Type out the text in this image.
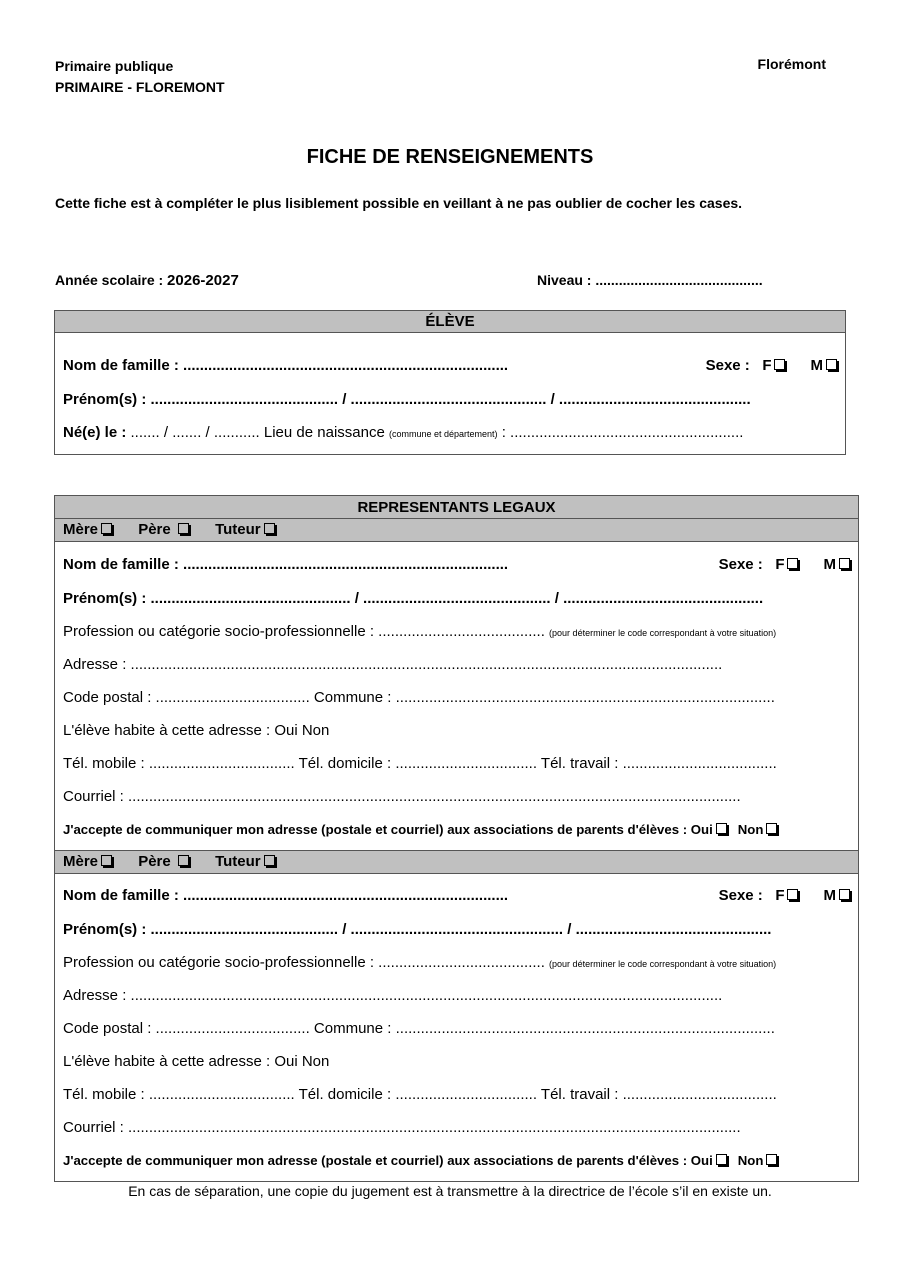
Primaire publique
PRIMAIRE - FLOREMONT
Florémont
FICHE DE RENSEIGNEMENTS
Cette fiche est à compléter le plus lisiblement possible en veillant à ne pas oublier de cocher les cases.
Année scolaire : 2026-2027	Niveau : ...........................................
ÉLÈVE
Nom de famille : ..............................................................................	Sexe : F	M
Prénom(s) : ............................................. / ............................................... / ..............................................
Né(e) le : ....... / ....... / ........... Lieu de naissance (commune et département) : ........................................................
REPRESENTANTS LEGAUX
Mère	Père	Tuteur
Nom de famille : ..............................................................................	Sexe : F	M
Prénom(s) : ................................................ / ............................................. / ................................................
Profession ou catégorie socio-professionnelle : ........................................ (pour déterminer le code correspondant à votre situation)
Adresse : ..............................................................................................................................................
Code postal : ..................................... Commune : ...........................................................................................
L'élève habite à cette adresse : Oui Non
Tél. mobile : ................................... Tél. domicile : .................................. Tél. travail : .....................................
Courriel : ...................................................................................................................................................
J'accepte de communiquer mon adresse (postale et courriel) aux associations de parents d'élèves : Oui Non
Mère	Père	Tuteur
Nom de famille : ..............................................................................	Sexe : F	M
Prénom(s) : ............................................. / ................................................... / ...............................................
Profession ou catégorie socio-professionnelle : ........................................ (pour déterminer le code correspondant à votre situation)
Adresse : ..............................................................................................................................................
Code postal : ..................................... Commune : ...........................................................................................
L'élève habite à cette adresse : Oui Non
Tél. mobile : ................................... Tél. domicile : .................................. Tél. travail : .....................................
Courriel : ...................................................................................................................................................
J'accepte de communiquer mon adresse (postale et courriel) aux associations de parents d'élèves : Oui Non
En cas de séparation, une copie du jugement est à transmettre à la directrice de l’école s’il en existe un.
